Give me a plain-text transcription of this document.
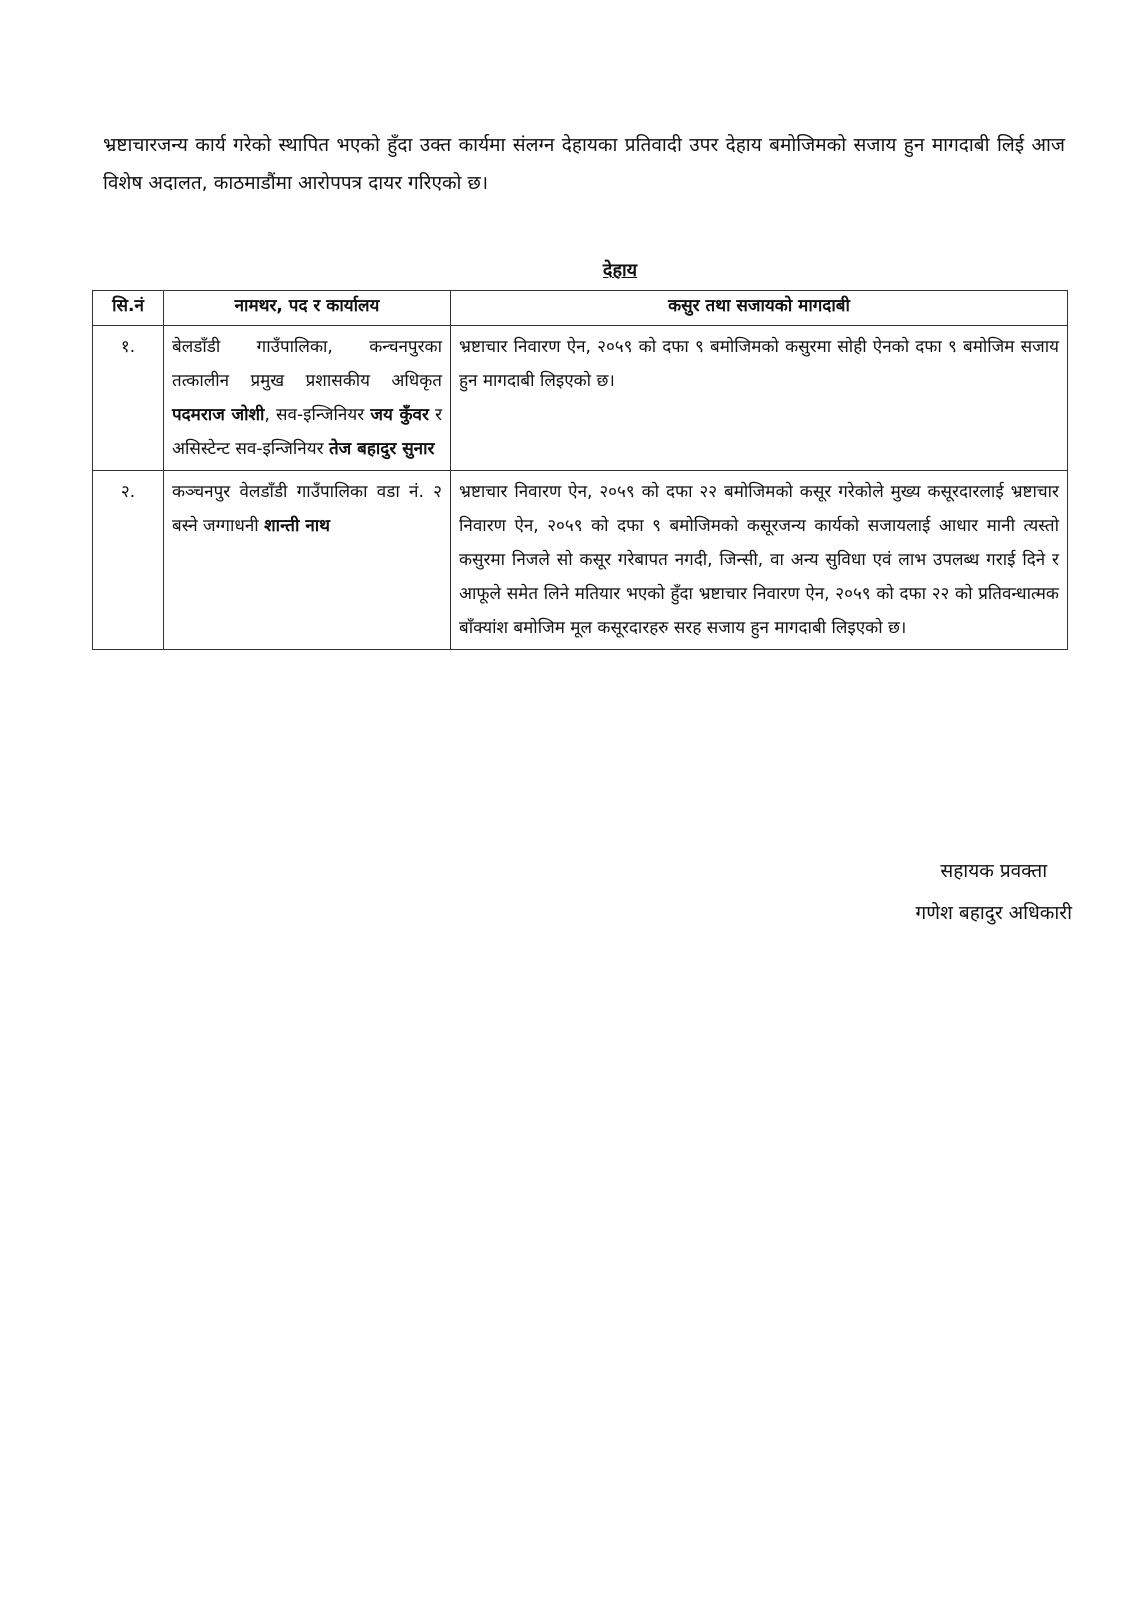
भ्रष्टाचारजन्य कार्य गरेको स्थापित भएको हुँदा उक्त कार्यमा संलग्न देहायका प्रतिवादी उपर देहाय बमोजिमको सजाय हुन मागदाबी लिई आज विशेष अदालत, काठमाडौंमा आरोपपत्र दायर गरिएको छ।

देहाय

सि.नं	नामथर, पद र कार्यालय	कसुर तथा सजायको मागदाबी
१.	बेलडाँडी गाउँपालिका, कन्चनपुरका तत्कालीन प्रमुख प्रशासकीय अधिकृत पदमराज जोशी, सव-इन्जिनियर जय कुँवर र असिस्टेन्ट सव-इन्जिनियर तेज बहादुर सुनार	भ्रष्टाचार निवारण ऐन, २०५९ को दफा ९ बमोजिमको कसुरमा सोही ऐनको दफा ९ बमोजिम सजाय हुन मागदाबी लिइएको छ।
२.	कञ्चनपुर वेलडाँडी गाउँपालिका वडा नं. २ बस्ने जग्गाधनी शान्ती नाथ	भ्रष्टाचार निवारण ऐन, २०५९ को दफा २२ बमोजिमको कसूर गरेकोले मुख्य कसूरदारलाई भ्रष्टाचार निवारण ऐन, २०५९ को दफा ९ बमोजिमको कसूरजन्य कार्यको सजायलाई आधार मानी त्यस्तो कसुरमा निजले सो कसूर गरेबापत नगदी, जिन्सी, वा अन्य सुविधा एवं लाभ उपलब्ध गराई दिने र आफूले समेत लिने मतियार भएको हुँदा भ्रष्टाचार निवारण ऐन, २०५९ को दफा २२ को प्रतिवन्धात्मक बाँक्यांश बमोजिम मूल कसूरदारहरु सरह सजाय हुन मागदाबी लिइएको छ।
सहायक प्रवक्ता
गणेश बहादुर अधिकारी
